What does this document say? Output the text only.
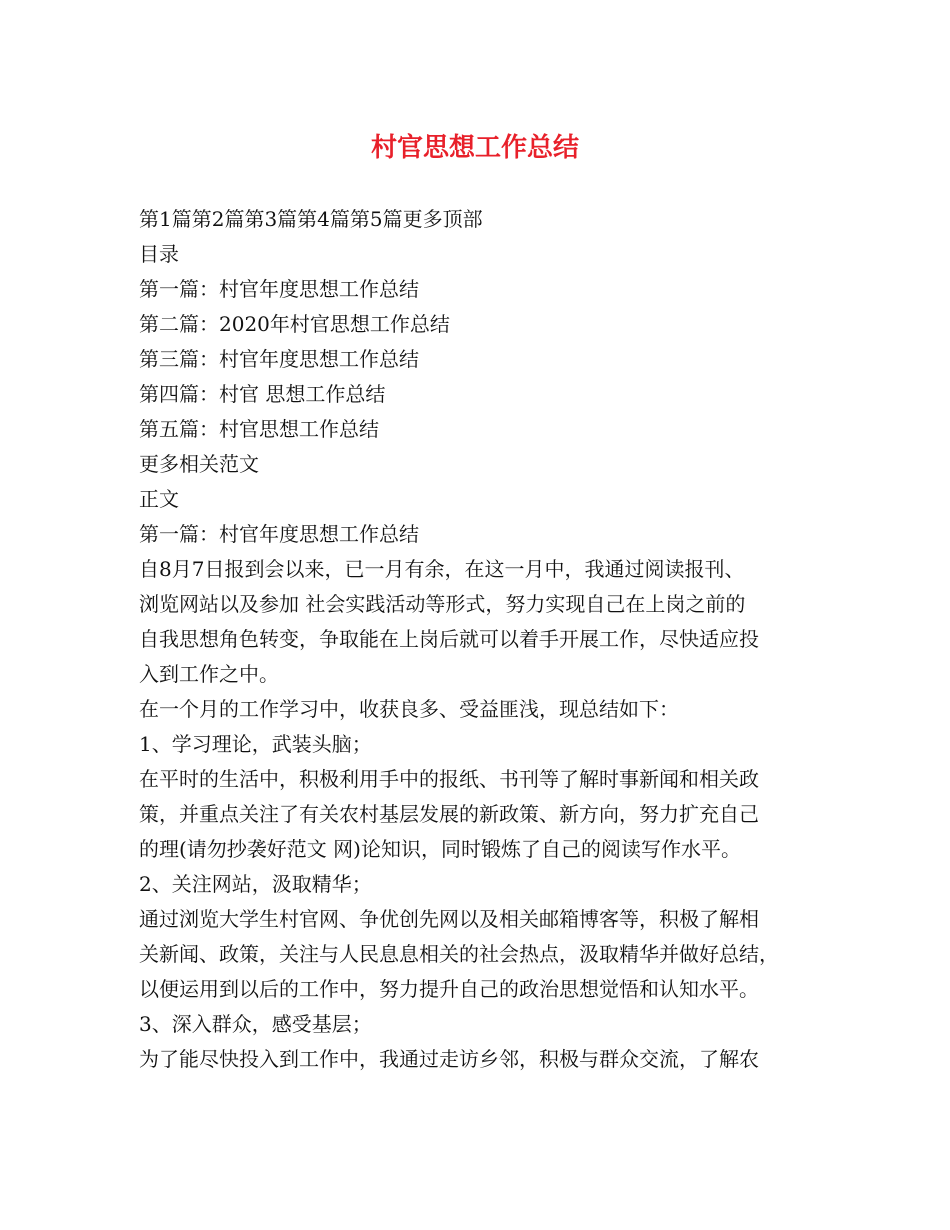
村官思想工作总结

第1篇第2篇第3篇第4篇第5篇更多顶部

目录

第一篇：村官年度思想工作总结

第二篇：2020年村官思想工作总结

第三篇：村官年度思想工作总结

第四篇：村官 思想工作总结

第五篇：村官思想工作总结

更多相关范文

正文

第一篇：村官年度思想工作总结

自8月7日报到会以来，已一月有余，在这一月中，我通过阅读报刊、
浏览网站以及参加 社会实践活动等形式，努力实现自己在上岗之前的
自我思想角色转变，争取能在上岗后就可以着手开展工作，尽快适应投
入到工作之中。

在一个月的工作学习中，收获良多、受益匪浅，现总结如下：

1、学习理论，武装头脑；

在平时的生活中，积极利用手中的报纸、书刊等了解时事新闻和相关政
策，并重点关注了有关农村基层发展的新政策、新方向，努力扩充自己
的理(请勿抄袭好范文 网)论知识，同时锻炼了自己的阅读写作水平。

2、关注网站，汲取精华；

通过浏览大学生村官网、争优创先网以及相关邮箱博客等，积极了解相
关新闻、政策，关注与人民息息相关的社会热点，汲取精华并做好总结，
以便运用到以后的工作中，努力提升自己的政治思想觉悟和认知水平。

3、深入群众，感受基层；

为了能尽快投入到工作中，我通过走访乡邻，积极与群众交流，了解农
